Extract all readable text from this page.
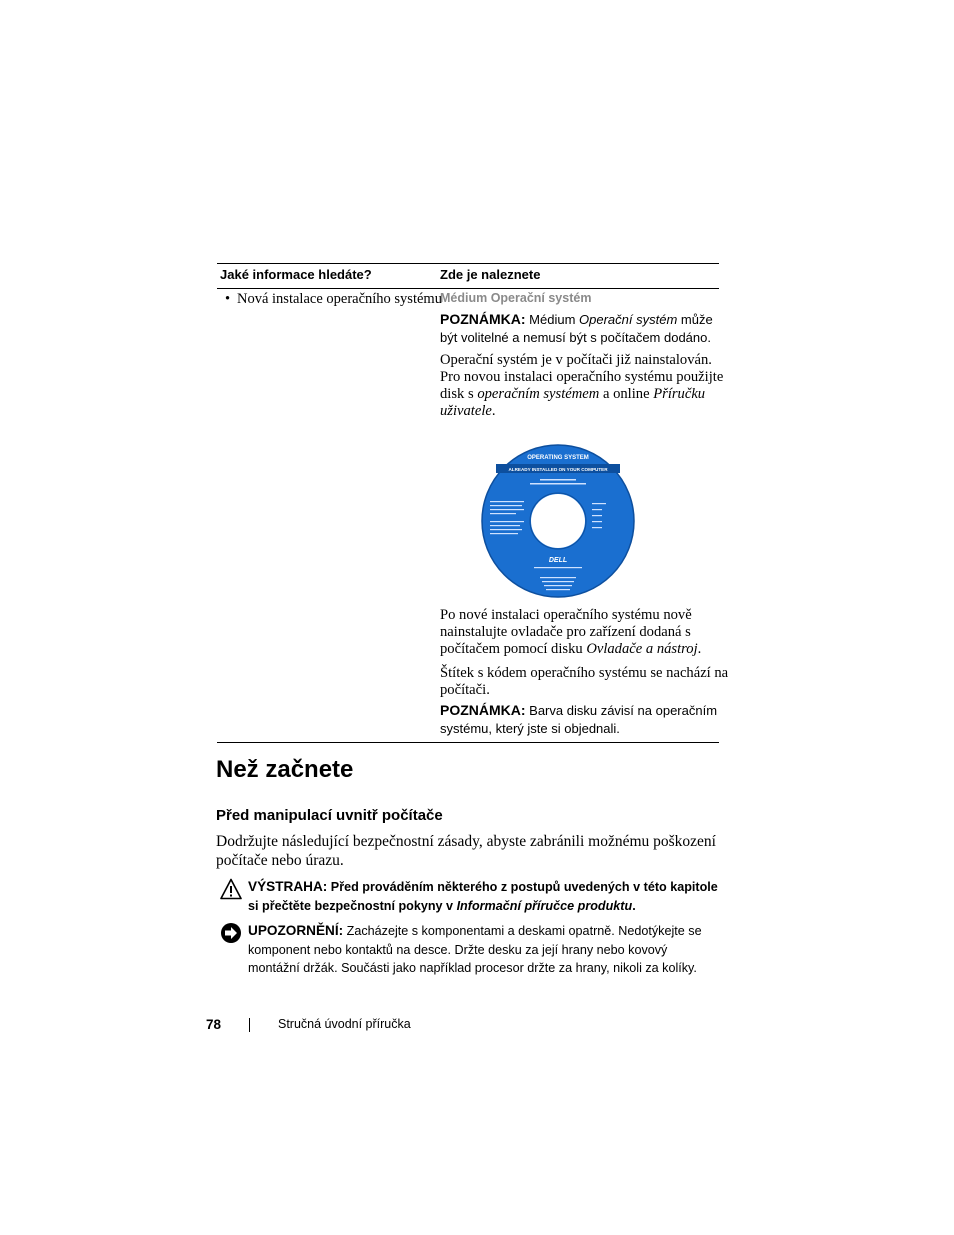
Jaké informace hledáte?	Zde je naleznete
• Nová instalace operačního systému
Médium Operační systém
POZNÁMKA: Médium Operační systém může být volitelné a nemusí být s počítačem dodáno.
Operační systém je v počítači již nainstalován. Pro novou instalaci operačního systému použijte disk s operačním systémem a online Příručku uživatele.
OPERATING SYSTEM
ALREADY INSTALLED ON YOUR COMPUTER
DELL
Po nové instalaci operačního systému nově nainstalujte ovladače pro zařízení dodaná s počítačem pomocí disku Ovladače a nástroj.
Štítek s kódem operačního systému se nachází na počítači.
POZNÁMKA: Barva disku závisí na operačním systému, který jste si objednali.
Než začnete
Před manipulací uvnitř počítače
Dodržujte následující bezpečnostní zásady, abyste zabránili možnému poškození počítače nebo úrazu.
VÝSTRAHA: Před prováděním některého z postupů uvedených v této kapitole si přečtěte bezpečnostní pokyny v Informační příručce produktu.
UPOZORNĚNÍ: Zacházejte s komponentami a deskami opatrně. Nedotýkejte se komponent nebo kontaktů na desce. Držte desku za její hrany nebo kovový montážní držák. Součásti jako například procesor držte za hrany, nikoli za kolíky.
78	Stručná úvodní příručka
